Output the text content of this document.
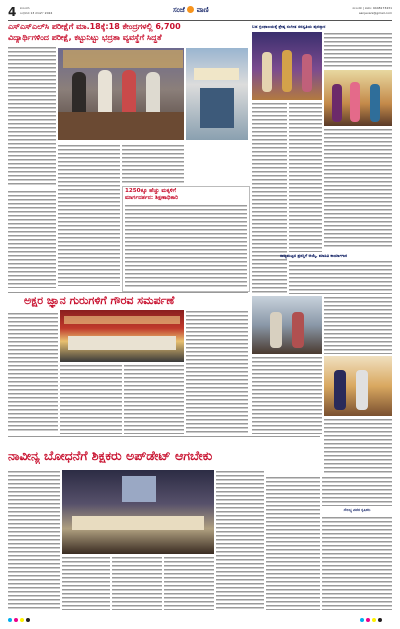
4 ಕಲಬುರಗಿ
ಬುಧವಾರ 13 ಮಾರ್ಚ್ 2024	ಸಂಜೆ ವಾಣಿ	ಕಲಬುರಗಿ | ಕಚೇರಿ: 9448173431
sanjevani@gmail.com
ಎಸ್‌ಎಸ್‌ಎಲ್‌ಸಿ ಪರೀಕ್ಷೆಗೆ ಮಾ.18ಕ್ಕೆ:18 ಕೇಂದ್ರಗಳಲ್ಲಿ 6,700
ವಿದ್ಯಾರ್ಥಿಗಳಿಂದ ಪರೀಕ್ಷೆ, ಕಟ್ಟುನಿಟ್ಟು ಭದ್ರತಾ ವ್ಯವಸ್ಥೆಗೆ ಸಿದ್ಧತೆ
ಬಡ ಗ್ರಂಥಾಲಯಕ್ಕೆ ಶ್ರೇಷ್ಠ ಸಂಗೀತ ಸರಸ್ವತಿಯ ಪುರಸ್ಕಾರ
1250ಕ್ಕೂ ಹೆಚ್ಚು ಮಕ್ಕಳಿಗೆ
ಮಾರ್ಗದರ್ಶನ: ಶಿಕ್ಷಣಾಧಿಕಾರಿ
ರಾಜ್ಯಮಟ್ಟದ ಪ್ರಶಸ್ತಿಗೆ ಆಯ್ಕೆ, ಮಾಹಿತಿ ಕಾರ್ಯಾಗಾರ
ಅಕ್ಷರ ಜ್ಞಾನ ಗುರುಗಳಿಗೆ ಗೌರವ ಸಮರ್ಪಣೆ
ನಾವೀನ್ಯ ಬೋಧನೆಗೆ ಶಿಕ್ಷಕರು ಅಪ್‌ಡೇಟ್ ಆಗಬೇಕು
ಸೌಲಭ್ಯ ಪಡೆದ ಕೃಷಿಕರು
